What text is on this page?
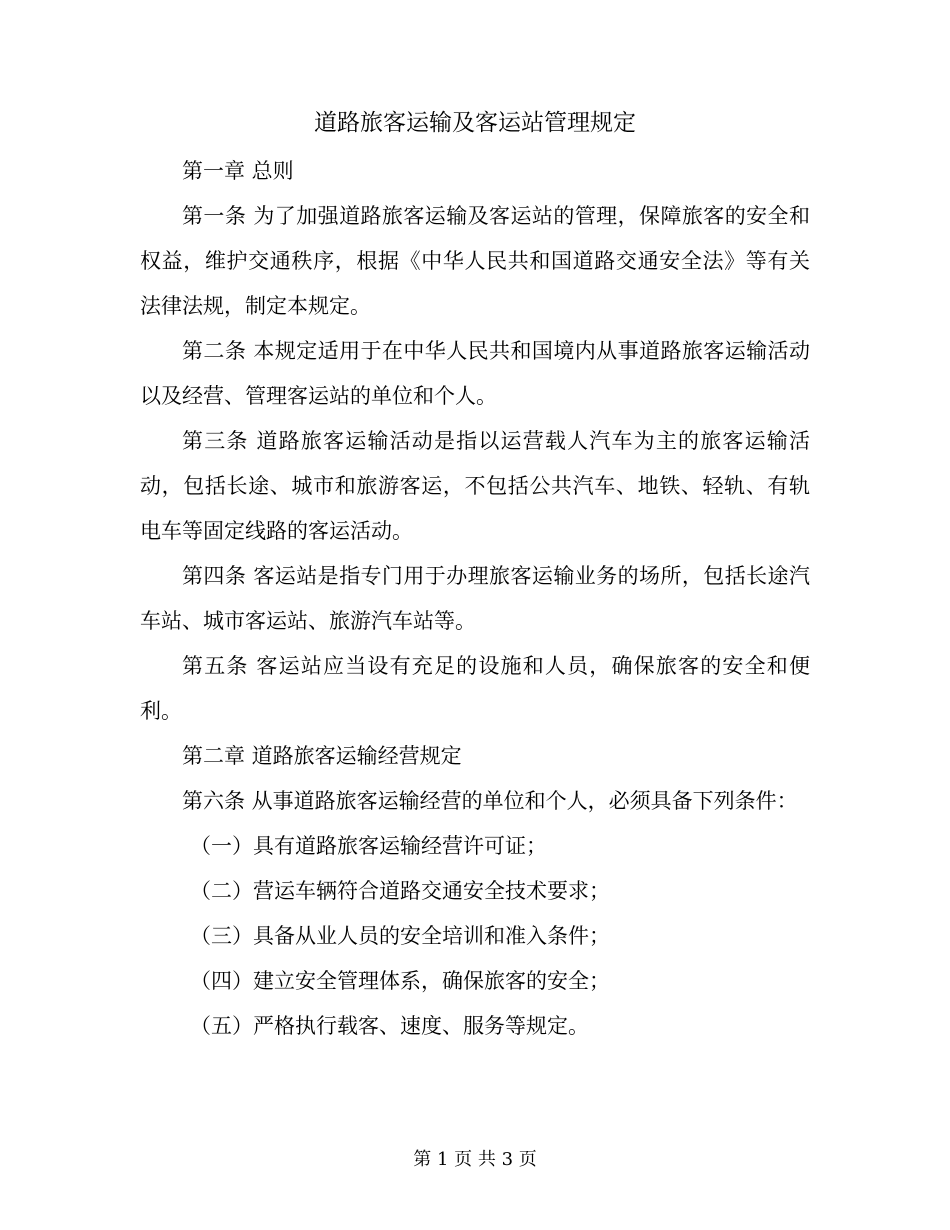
道路旅客运输及客运站管理规定

第一章 总则

第一条 为了加强道路旅客运输及客运站的管理，保障旅客的安全和权益，维护交通秩序，根据《中华人民共和国道路交通安全法》等有关法律法规，制定本规定。

第二条 本规定适用于在中华人民共和国境内从事道路旅客运输活动以及经营、管理客运站的单位和个人。

第三条 道路旅客运输活动是指以运营载人汽车为主的旅客运输活动，包括长途、城市和旅游客运，不包括公共汽车、地铁、轻轨、有轨电车等固定线路的客运活动。

第四条 客运站是指专门用于办理旅客运输业务的场所，包括长途汽车站、城市客运站、旅游汽车站等。

第五条 客运站应当设有充足的设施和人员，确保旅客的安全和便利。

第二章 道路旅客运输经营规定

第六条 从事道路旅客运输经营的单位和个人，必须具备下列条件：

（一）具有道路旅客运输经营许可证；

（二）营运车辆符合道路交通安全技术要求；

（三）具备从业人员的安全培训和准入条件；

（四）建立安全管理体系，确保旅客的安全；

（五）严格执行载客、速度、服务等规定。

第 1 页 共 3 页
